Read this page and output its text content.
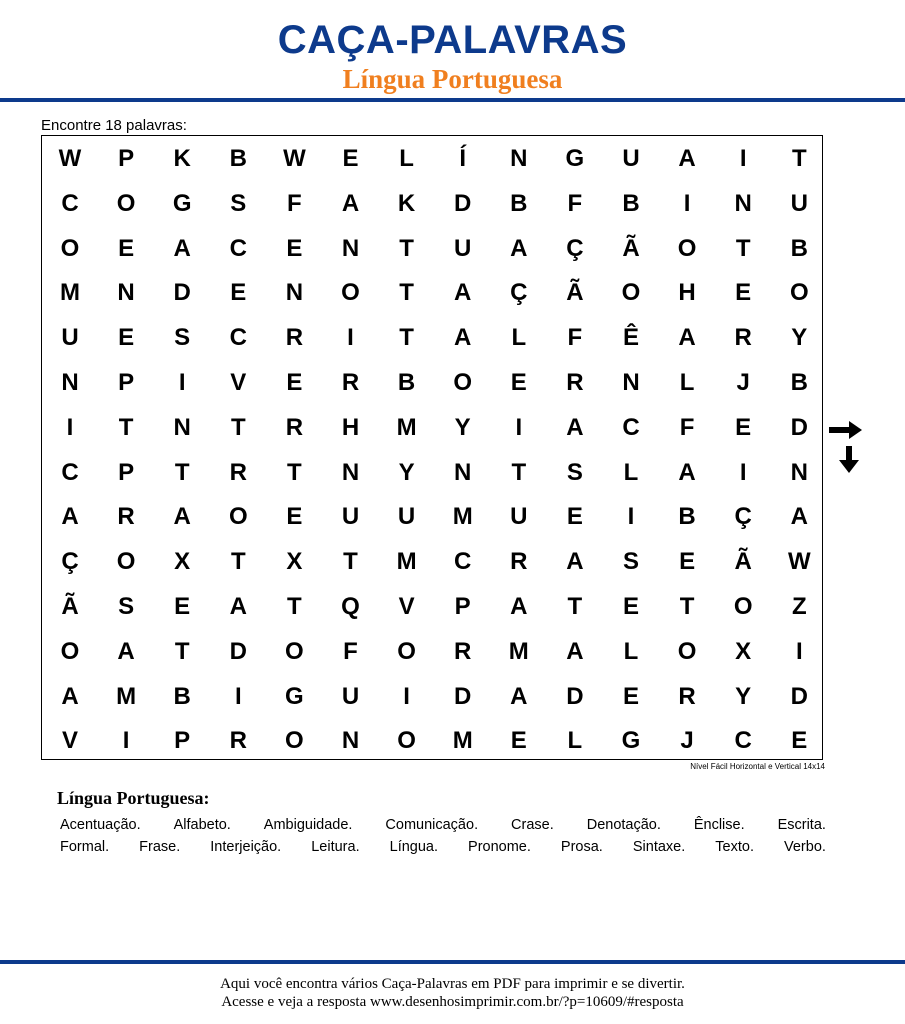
CAÇA-PALAVRAS
Língua Portuguesa
Encontre 18 palavras:
W	P	K	B	W	E	L	Í	N	G	U	A	I	T
C	O	G	S	F	A	K	D	B	F	B	I	N	U
O	E	A	C	E	N	T	U	A	Ç	Ã	O	T	B
M	N	D	E	N	O	T	A	Ç	Ã	O	H	E	O
U	E	S	C	R	I	T	A	L	F	Ê	A	R	Y
N	P	I	V	E	R	B	O	E	R	N	L	J	B
I	T	N	T	R	H	M	Y	I	A	C	F	E	D
C	P	T	R	T	N	Y	N	T	S	L	A	I	N
A	R	A	O	E	U	U	M	U	E	I	B	Ç	A
Ç	O	X	T	X	T	M	C	R	A	S	E	Ã	W
Ã	S	E	A	T	Q	V	P	A	T	E	T	O	Z
O	A	T	D	O	F	O	R	M	A	L	O	X	I
A	M	B	I	G	U	I	D	A	D	E	R	Y	D
V	I	P	R	O	N	O	M	E	L	G	J	C	E
Nível Fácil Horizontal e Vertical 14x14
Língua Portuguesa:
Acentuação. Alfabeto. Ambiguidade. Comunicação. Crase. Denotação. Ênclise. Escrita.
Formal. Frase. Interjeição. Leitura. Língua. Pronome. Prosa. Sintaxe. Texto. Verbo.
Aqui você encontra vários Caça-Palavras em PDF para imprimir e se divertir.
Acesse e veja a resposta www.desenhosimprimir.com.br/?p=10609/#resposta
